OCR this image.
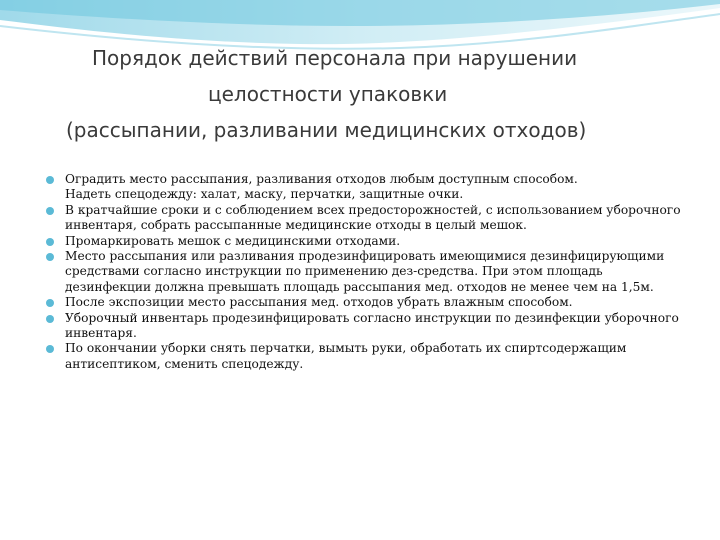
Порядок действий персонала при нарушении
целостности упаковки
(рассыпании, разливании медицинских отходов)
Оградить место рассыпания, разливания отходов любым доступным способом.
Надеть спецодежду: халат, маску, перчатки, защитные очки.
В кратчайшие сроки и с соблюдением всех предосторожностей, с использованием уборочного инвентаря, собрать рассыпанные медицинские отходы в целый мешок.
Промаркировать мешок с медицинскими отходами.
Место рассыпания или разливания продезинфицировать имеющимися дезинфицирующими средствами согласно инструкции по применению дез-средства. При этом площадь дезинфекции должна превышать площадь рассыпания мед. отходов не менее чем на 1,5м.
После экспозиции место рассыпания мед. отходов убрать влажным способом.
Уборочный инвентарь продезинфицировать согласно инструкции по дезинфекции уборочного инвентаря.
По окончании уборки снять перчатки, вымыть руки, обработать их спиртсодержащим антисептиком, сменить спецодежду.
